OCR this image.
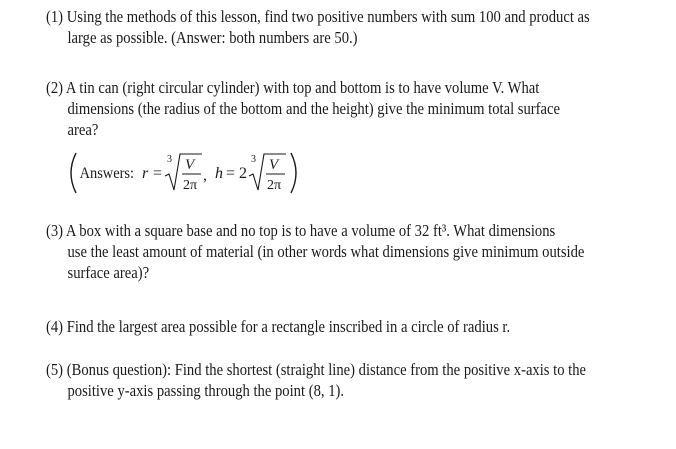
(1) Using the methods of this lesson, find two positive numbers with sum 100 and product as
large as possible. (Answer: both numbers are 50.)
(2) A tin can (right circular cylinder) with top and bottom is to have volume V. What
dimensions (the radius of the bottom and the height) give the minimum total surface
area?
Answers: r =
3 V
2π
, h = 2
3 V
2π
(3) A box with a square base and no top is to have a volume of 32 ft³. What dimensions
use the least amount of material (in other words what dimensions give minimum outside
surface area)?
(4) Find the largest area possible for a rectangle inscribed in a circle of radius r.
(5) (Bonus question): Find the shortest (straight line) distance from the positive x-axis to the
positive y-axis passing through the point (8, 1).
